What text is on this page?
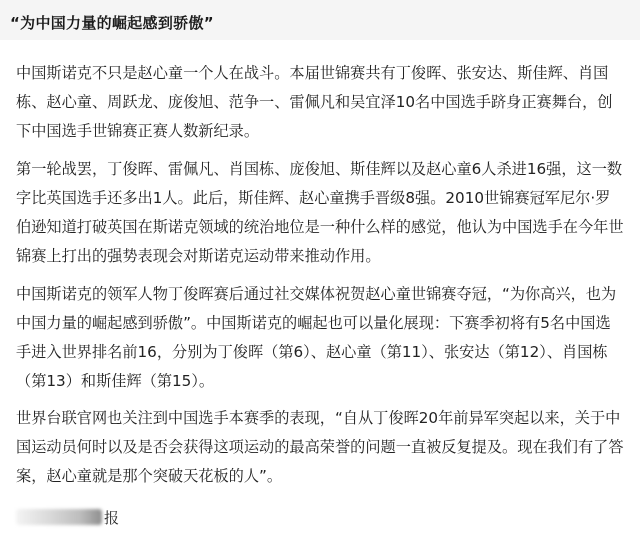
“为中国力量的崛起感到骄傲”

中国斯诺克不只是赵心童一个人在战斗。本届世锦赛共有丁俊晖、张安达、斯佳辉、肖国栋、赵心童、周跃龙、庞俊旭、范争一、雷佩凡和吴宜泽10名中国选手跻身正赛舞台，创下中国选手世锦赛正赛人数新纪录。

第一轮战罢，丁俊晖、雷佩凡、肖国栋、庞俊旭、斯佳辉以及赵心童6人杀进16强，这一数字比英国选手还多出1人。此后，斯佳辉、赵心童携手晋级8强。2010世锦赛冠军尼尔·罗伯逊知道打破英国在斯诺克领域的统治地位是一种什么样的感觉，他认为中国选手在今年世锦赛上打出的强势表现会对斯诺克运动带来推动作用。

中国斯诺克的领军人物丁俊晖赛后通过社交媒体祝贺赵心童世锦赛夺冠，“为你高兴，也为中国力量的崛起感到骄傲”。中国斯诺克的崛起也可以量化展现：下赛季初将有5名中国选手进入世界排名前16，分别为丁俊晖（第6）、赵心童（第11）、张安达（第12）、肖国栋（第13）和斯佳辉（第15）。

世界台联官网也关注到中国选手本赛季的表现，“自从丁俊晖20年前异军突起以来，关于中国运动员何时以及是否会获得这项运动的最高荣誉的问题一直被反复提及。现在我们有了答案，赵心童就是那个突破天花板的人”。

报
